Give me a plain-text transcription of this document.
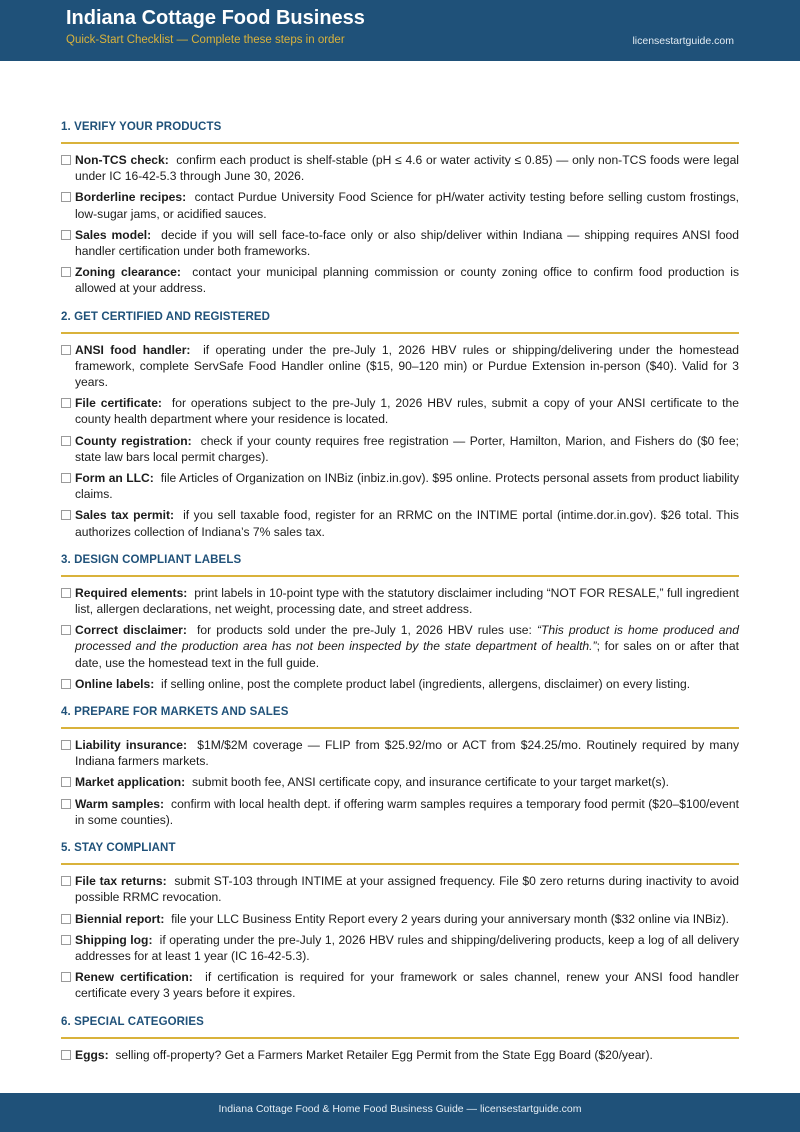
Indiana Cottage Food Business
Quick-Start Checklist — Complete these steps in order	licensestartguide.com
1. VERIFY YOUR PRODUCTS
Non-TCS check: confirm each product is shelf-stable (pH ≤ 4.6 or water activity ≤ 0.85) — only non-TCS foods were legal under IC 16-42-5.3 through June 30, 2026.
Borderline recipes: contact Purdue University Food Science for pH/water activity testing before selling custom frostings, low-sugar jams, or acidified sauces.
Sales model: decide if you will sell face-to-face only or also ship/deliver within Indiana — shipping requires ANSI food handler certification under both frameworks.
Zoning clearance: contact your municipal planning commission or county zoning office to confirm food production is allowed at your address.
2. GET CERTIFIED AND REGISTERED
ANSI food handler: if operating under the pre-July 1, 2026 HBV rules or shipping/delivering under the homestead framework, complete ServSafe Food Handler online ($15, 90–120 min) or Purdue Extension in-person ($40). Valid for 3 years.
File certificate: for operations subject to the pre-July 1, 2026 HBV rules, submit a copy of your ANSI certificate to the county health department where your residence is located.
County registration: check if your county requires free registration — Porter, Hamilton, Marion, and Fishers do ($0 fee; state law bars local permit charges).
Form an LLC: file Articles of Organization on INBiz (inbiz.in.gov). $95 online. Protects personal assets from product liability claims.
Sales tax permit: if you sell taxable food, register for an RRMC on the INTIME portal (intime.dor.in.gov). $26 total. This authorizes collection of Indiana’s 7% sales tax.
3. DESIGN COMPLIANT LABELS
Required elements: print labels in 10-point type with the statutory disclaimer including “NOT FOR RESALE,” full ingredient list, allergen declarations, net weight, processing date, and street address.
Correct disclaimer: for products sold under the pre-July 1, 2026 HBV rules use: “This product is home produced and processed and the production area has not been inspected by the state department of health.”; for sales on or after that date, use the homestead text in the full guide.
Online labels: if selling online, post the complete product label (ingredients, allergens, disclaimer) on every listing.
4. PREPARE FOR MARKETS AND SALES
Liability insurance: $1M/$2M coverage — FLIP from $25.92/mo or ACT from $24.25/mo. Routinely required by many Indiana farmers markets.
Market application: submit booth fee, ANSI certificate copy, and insurance certificate to your target market(s).
Warm samples: confirm with local health dept. if offering warm samples requires a temporary food permit ($20–$100/event in some counties).
5. STAY COMPLIANT
File tax returns: submit ST-103 through INTIME at your assigned frequency. File $0 zero returns during inactivity to avoid possible RRMC revocation.
Biennial report: file your LLC Business Entity Report every 2 years during your anniversary month ($32 online via INBiz).
Shipping log: if operating under the pre-July 1, 2026 HBV rules and shipping/delivering products, keep a log of all delivery addresses for at least 1 year (IC 16-42-5.3).
Renew certification: if certification is required for your framework or sales channel, renew your ANSI food handler certificate every 3 years before it expires.
6. SPECIAL CATEGORIES
Eggs: selling off-property? Get a Farmers Market Retailer Egg Permit from the State Egg Board ($20/year).
Indiana Cottage Food & Home Food Business Guide — licensestartguide.com
